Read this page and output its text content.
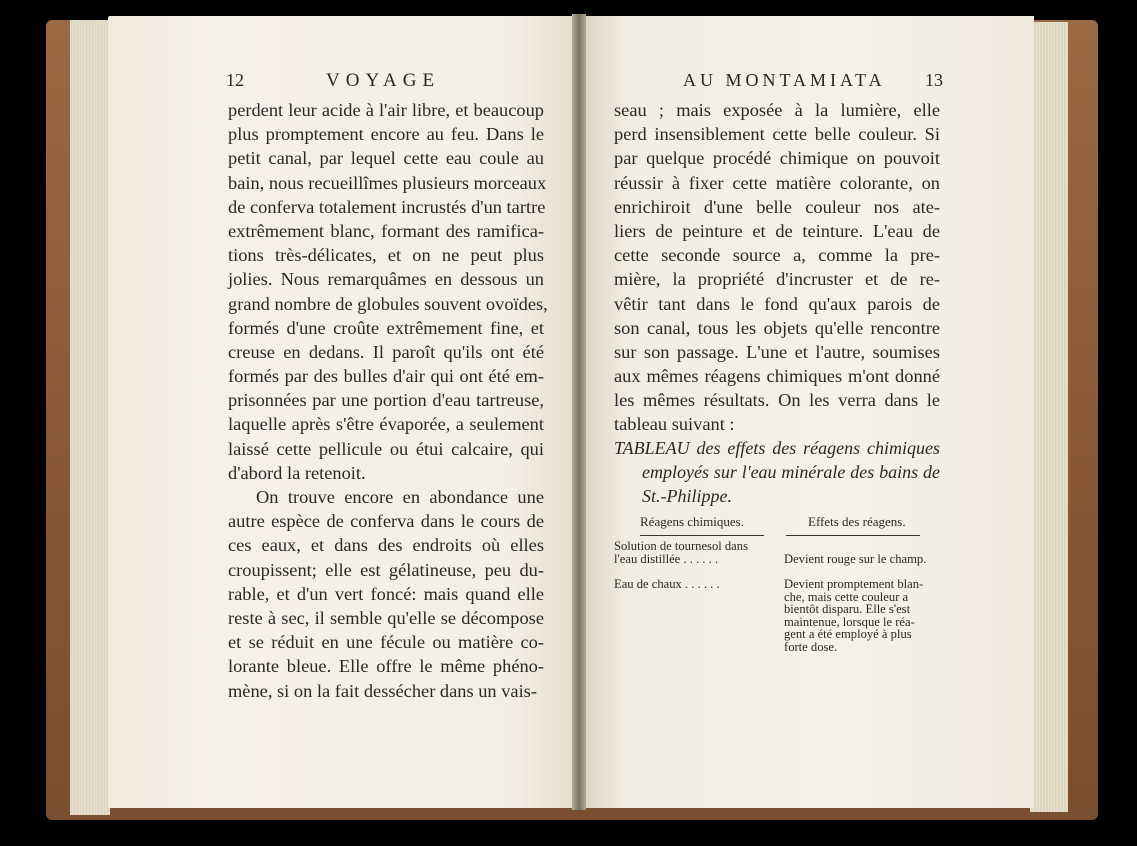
12	VOYAGE
perdent leur acide à l'air libre, et beaucoup
plus promptement encore au feu. Dans le
petit canal, par lequel cette eau coule au
bain, nous recueillîmes plusieurs morceaux
de conferva totalement incrustés d'un tartre
extrêmement blanc, formant des ramifica-
tions très-délicates, et on ne peut plus
jolies. Nous remarquâmes en dessous un
grand nombre de globules souvent ovoïdes,
formés d'une croûte extrêmement fine, et
creuse en dedans. Il paroît qu'ils ont été
formés par des bulles d'air qui ont été em-
prisonnées par une portion d'eau tartreuse,
laquelle après s'être évaporée, a seulement
laissé cette pellicule ou étui calcaire, qui
d'abord la retenoit.
On trouve encore en abondance une
autre espèce de conferva dans le cours de
ces eaux, et dans des endroits où elles
croupissent; elle est gélatineuse, peu du-
rable, et d'un vert foncé: mais quand elle
reste à sec, il semble qu'elle se décompose
et se réduit en une fécule ou matière co-
lorante bleue. Elle offre le même phéno-
mène, si on la fait dessécher dans un vais-
AU MONTAMIATA 13
seau ; mais exposée à la lumière, elle
perd insensiblement cette belle couleur. Si
par quelque procédé chimique on pouvoit
réussir à fixer cette matière colorante, on
enrichiroit d'une belle couleur nos ate-
liers de peinture et de teinture. L'eau de
cette seconde source a, comme la pre-
mière, la propriété d'incruster et de re-
vêtir tant dans le fond qu'aux parois de
son canal, tous les objets qu'elle rencontre
sur son passage. L'une et l'autre, soumises
aux mêmes réagens chimiques m'ont donné
les mêmes résultats. On les verra dans le
tableau suivant :
TABLEAU des effets des réagens chimiques
employés sur l'eau minérale des bains de
St.-Philippe.
Réagens chimiques.	Effets des réagens.
Solution de tournesol dans
l'eau distillée . . . . . .	Devient rouge sur le champ.
Eau de chaux . . . . . .	Devient promptement blan-
che, mais cette couleur a
bientôt disparu. Elle s'est
maintenue, lorsque le réa-
gent a été employé à plus
forte dose.
